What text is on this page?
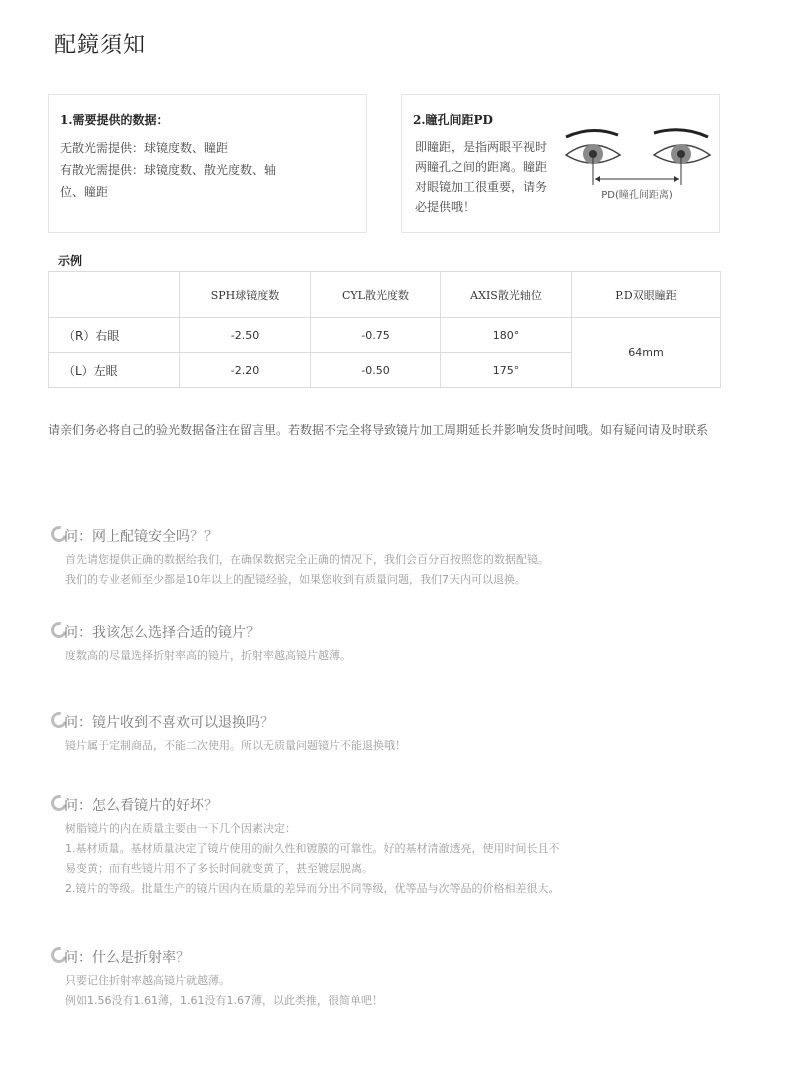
配鏡須知
1.需要提供的数据：
无散光需提供：球镜度数、瞳距
有散光需提供：球镜度数、散光度数、轴
位、瞳距
2.瞳孔间距PD
即瞳距，是指两眼平视时
两瞳孔之间的距离。瞳距
对眼镜加工很重要，请务
必提供哦！
PD(瞳孔间距离)
示例
	SPH球镜度数	CYL散光度数	AXIS散光轴位	P.D双眼瞳距
（R）右眼	-2.50	-0.75	180°	64mm
（L）左眼	-2.20	-0.50	175°	
请亲们务必将自己的验光数据备注在留言里。若数据不完全将导致镜片加工周期延长并影响发货时间哦。如有疑问请及时联系
问：网上配镜安全吗？？
首先请您提供正确的数据给我们，在确保数据完全正确的情况下，我们会百分百按照您的数据配镜。
我们的专业老师至少都是10年以上的配镜经验，如果您收到有质量问题，我们7天内可以退换。
问：我该怎么选择合适的镜片？
度数高的尽量选择折射率高的镜片，折射率越高镜片越薄。
问：镜片收到不喜欢可以退换吗？
镜片属于定制商品，不能二次使用。所以无质量问题镜片不能退换哦！
问：怎么看镜片的好坏？
树脂镜片的内在质量主要由一下几个因素决定：
1.基材质量。基材质量决定了镜片使用的耐久性和镀膜的可靠性。好的基材清澈透亮，使用时间长且不
易变黄；而有些镜片用不了多长时间就变黄了，甚至镀层脱离。
2.镜片的等级。批量生产的镜片因内在质量的差异而分出不同等级，优等品与次等品的价格相差很大。
问：什么是折射率？
只要记住折射率越高镜片就越薄。
例如1.56没有1.61薄，1.61没有1.67薄，以此类推，很简单吧！
